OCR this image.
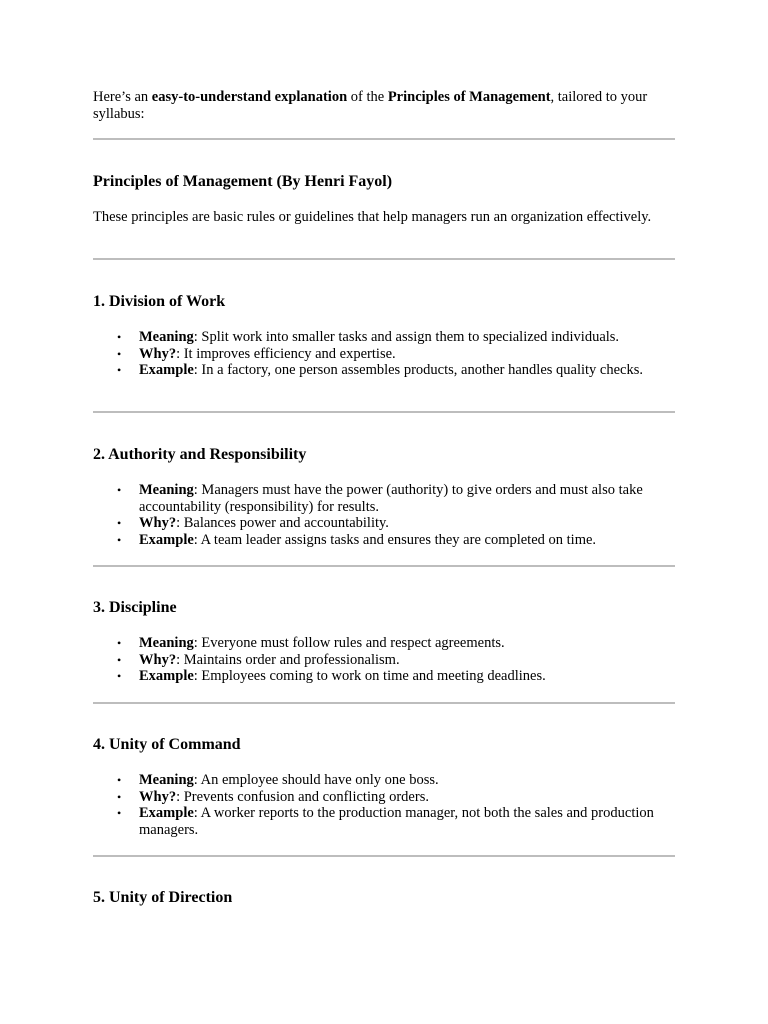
Here’s an easy-to-understand explanation of the Principles of Management, tailored to your syllabus:
Principles of Management (By Henri Fayol)
These principles are basic rules or guidelines that help managers run an organization effectively.
1. Division of Work
• Meaning: Split work into smaller tasks and assign them to specialized individuals.
• Why?: It improves efficiency and expertise.
• Example: In a factory, one person assembles products, another handles quality checks.
2. Authority and Responsibility
• Meaning: Managers must have the power (authority) to give orders and must also take accountability (responsibility) for results.
• Why?: Balances power and accountability.
• Example: A team leader assigns tasks and ensures they are completed on time.
3. Discipline
• Meaning: Everyone must follow rules and respect agreements.
• Why?: Maintains order and professionalism.
• Example: Employees coming to work on time and meeting deadlines.
4. Unity of Command
• Meaning: An employee should have only one boss.
• Why?: Prevents confusion and conflicting orders.
• Example: A worker reports to the production manager, not both the sales and production managers.
5. Unity of Direction
